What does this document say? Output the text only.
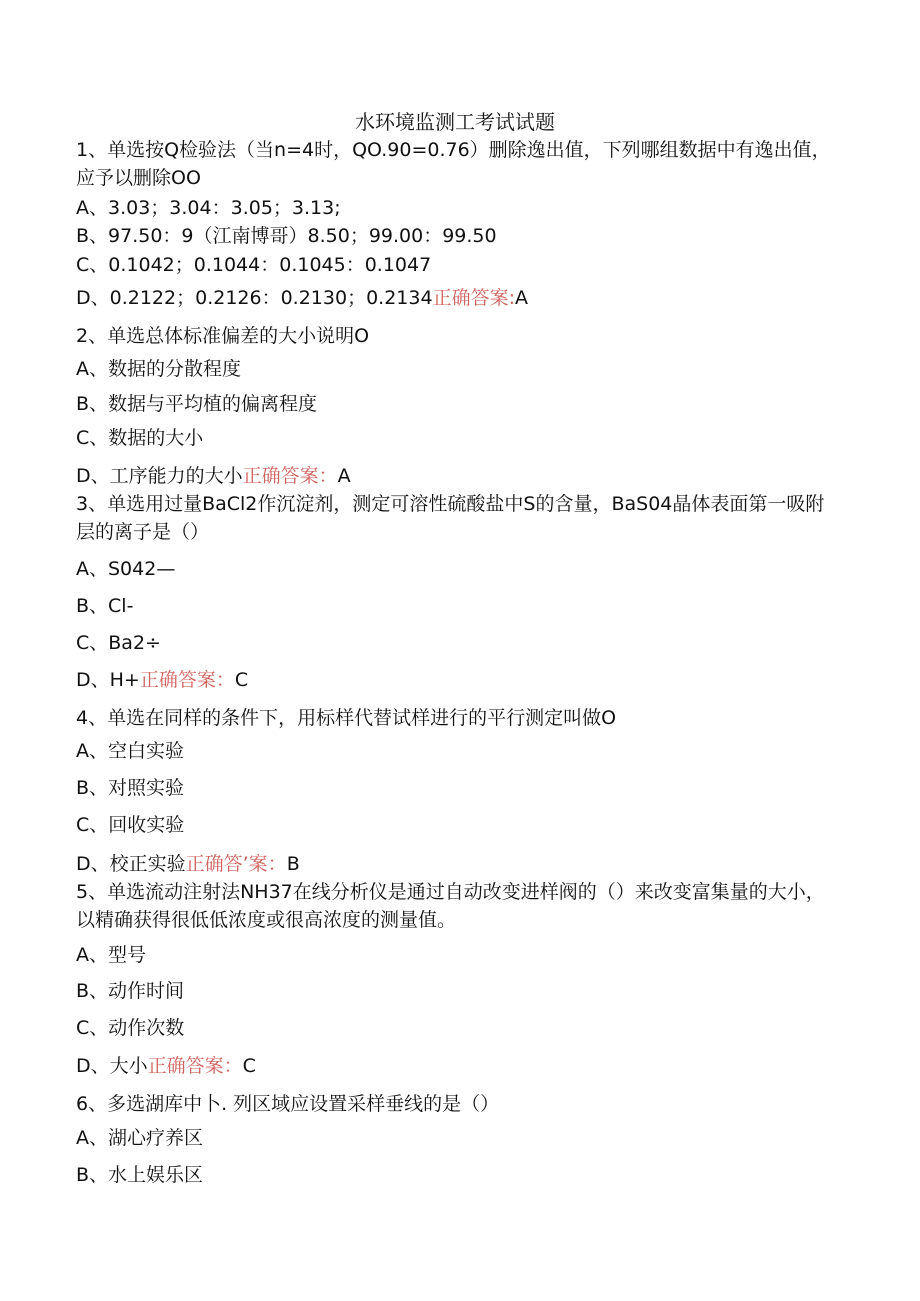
水环境监测工考试试题
1、单选按Q检验法（当n=4时，QO.90=0.76）删除逸出值，下列哪组数据中有逸出值，应予以删除OO
A、3.03；3.04：3.05；3.13;
B、97.50：9（江南博哥）8.50；99.00：99.50
C、0.1042；0.1044：0.1045：0.1047
D、0.2122；0.2126：0.2130；0.2134正确答案:A
2、单选总体标准偏差的大小说明O
A、数据的分散程度
B、数据与平均植的偏离程度
C、数据的大小
D、工序能力的大小正确答案：A
3、单选用过量BaCl2作沉淀剂，测定可溶性硫酸盐中S的含量，BaS04晶体表面第一吸附层的离子是（）
A、S042—
B、Cl-
C、Ba2÷
D、H+正确答案：C
4、单选在同样的条件下，用标样代替试样进行的平行测定叫做O
A、空白实验
B、对照实验
C、回收实验
D、校正实验正确答’案：B
5、单选流动注射法NH37在线分析仪是通过自动改变进样阀的（）来改变富集量的大小，以精确获得很低低浓度或很高浓度的测量值。
A、型号
B、动作时间
C、动作次数
D、大小正确答案：C
6、多选湖库中卜. 列区域应设置采样垂线的是（）
A、湖心疗养区
B、水上娱乐区
